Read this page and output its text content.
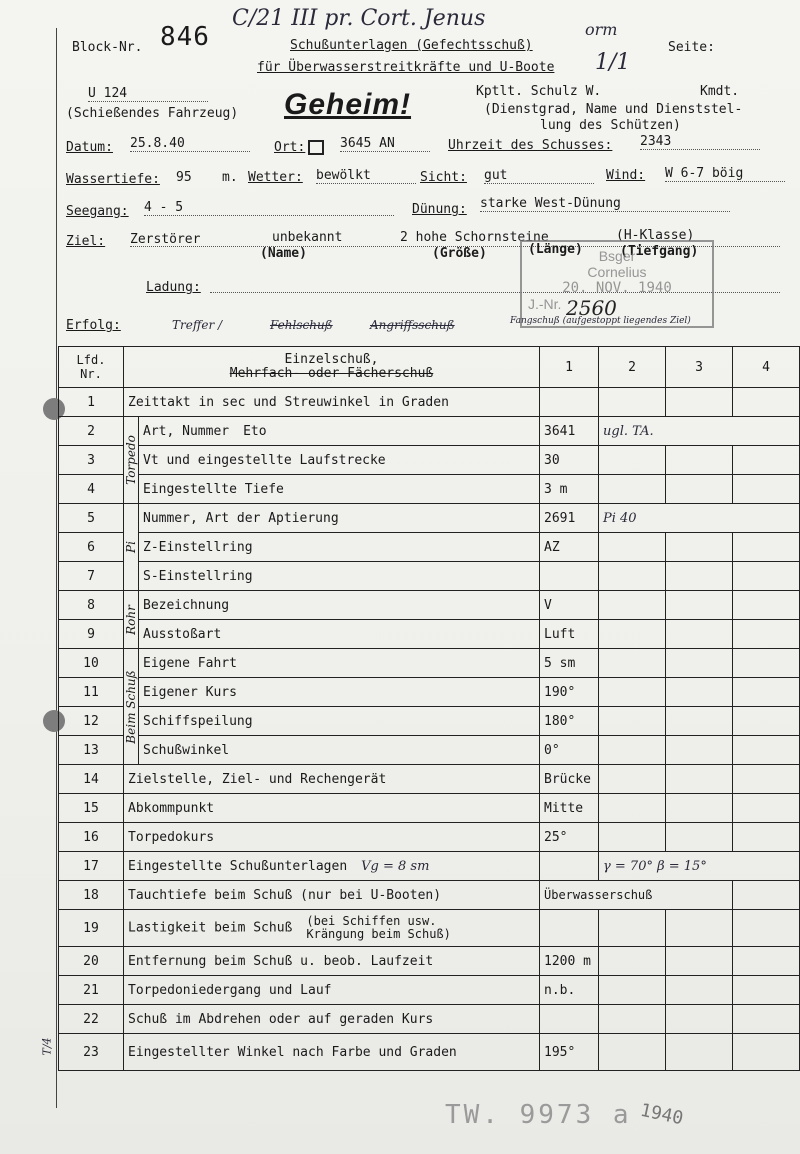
Block-Nr. 846
C/21 III pr. Cort. Jenus
Schußunterlagen (Gefechtsschuß)
für Überwasserstreitkräfte und U-Boote
orm
1/1
Seite:
U 124
(Schießendes Fahrzeug) Geheim!	Kptlt. Schulz W.	Kmdt.
(Dienstgrad, Name und Dienststel-
lung des Schützen)
Datum: 25.8.40	Ort:	3645 AN	Uhrzeit des Schusses: 2343
Wassertiefe: 95 m. Wetter: bewölkt	Sicht: gut	Wind: W 6-7 böig
Seegang: 4 - 5	Dünung: starke West-Dünung
Ziel: Zerstörer	unbekannt	2 hohe Schornsteine	(H-Klasse)
(Name)	(Größe)	(Länge)	(Tiefgang)
Ladung:
Bsger
Cornelius
20. NOV. 1940
J.-Nr. 2560
Erfolg:	Treffer /	Fehlschuß	Angriffsschuß	Fangschuß (aufgestoppt liegendes Ziel)
Lfd. Nr.	Einzelschuß,
Mehrfach- oder Fächerschuß		1	2	3	4
1	Zeittakt in sec und Streuwinkel in Graden					
2	Torpedo	Art, Nummer Eto	3641	ugl. TA.		
3		Vt und eingestellte Laufstrecke	30			
4		Eingestellte Tiefe	3 m			
5	Pi	Nummer, Art der Aptierung	2691	Pi 40		
6		Z-Einstellring	AZ			
7		S-Einstellring				
8	Rohr	Bezeichnung	V			
9		Ausstoßart	Luft			
10	Beim Schuß	Eigene Fahrt	5 sm			
11		Eigener Kurs	190°			
12		Schiffspeilung	180°			
13		Schußwinkel	0°			
14	Zielstelle, Ziel- und Rechengerät		Brücke			
15	Abkommpunkt		Mitte			
16	Torpedokurs		25°			
17	Eingestellte Schußunterlagen Vg = 8 sm			γ = 70° β = 15°		
18	Tauchtiefe beim Schuß (nur bei U-Booten)		Überwasserschuß			
19	Lastigkeit beim Schuß (bei Schiffen usw. Krängung beim Schuß)					
20	Entfernung beim Schuß u. beob. Laufzeit		1200 m			
21	Torpedoniedergang und Lauf		n.b.			
22	Schuß im Abdrehen oder auf geraden Kurs					
23	Eingestellter Winkel nach Farbe und Graden		195°			
T/4
TW. 9973 a 1940
